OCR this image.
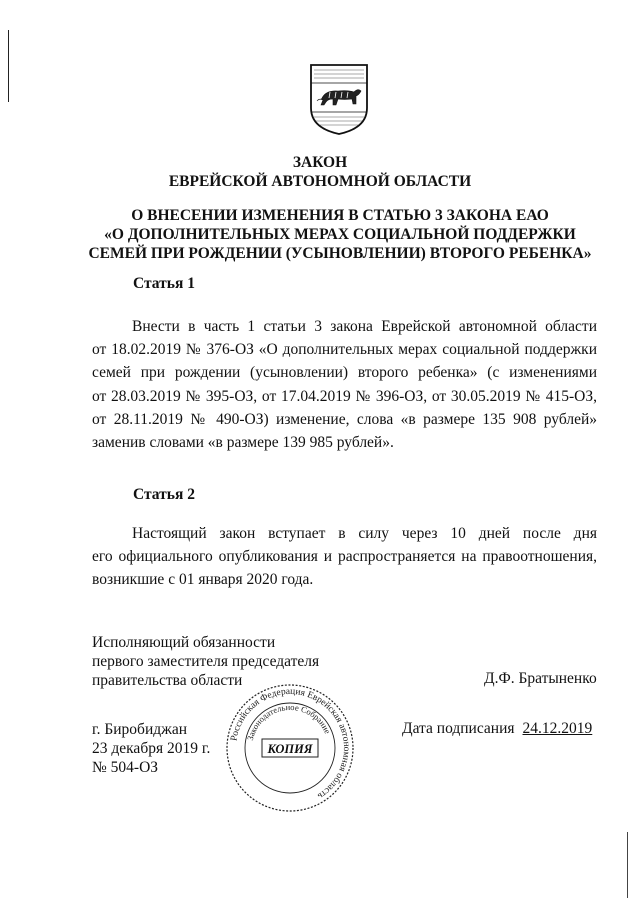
ЗАКОН
ЕВРЕЙСКОЙ АВТОНОМНОЙ ОБЛАСТИ
О ВНЕСЕНИИ ИЗМЕНЕНИЯ В СТАТЬЮ 3 ЗАКОНА ЕАО
«О ДОПОЛНИТЕЛЬНЫХ МЕРАХ СОЦИАЛЬНОЙ ПОДДЕРЖКИ
СЕМЕЙ ПРИ РОЖДЕНИИ (УСЫНОВЛЕНИИ) ВТОРОГО РЕБЕНКА»
Статья 1
Внести в часть 1 статьи 3 закона Еврейской автономной области
от 18.02.2019 № 376-ОЗ «О дополнительных мерах социальной поддержки
семей при рождении (усыновлении) второго ребенка» (с изменениями
от 28.03.2019 № 395-ОЗ, от 17.04.2019 № 396-ОЗ, от 30.05.2019 № 415-ОЗ,
от 28.11.2019 № 490-ОЗ) изменение, слова «в размере 135 908 рублей»
заменив словами «в размере 139 985 рублей».
Статья 2
Настоящий закон вступает в силу через 10 дней после дня
его официального опубликования и распространяется на правоотношения,
возникшие с 01 января 2020 года.
Исполняющий обязанности
первого заместителя председателя
правительства области	Д.Ф. Братыненко
г. Биробиджан
23 декабря 2019 г.
№ 504-ОЗ
Дата подписания 24.12.2019
Российская Федерация Еврейская автономная область
Законодательное Собрание
КОПИЯ
